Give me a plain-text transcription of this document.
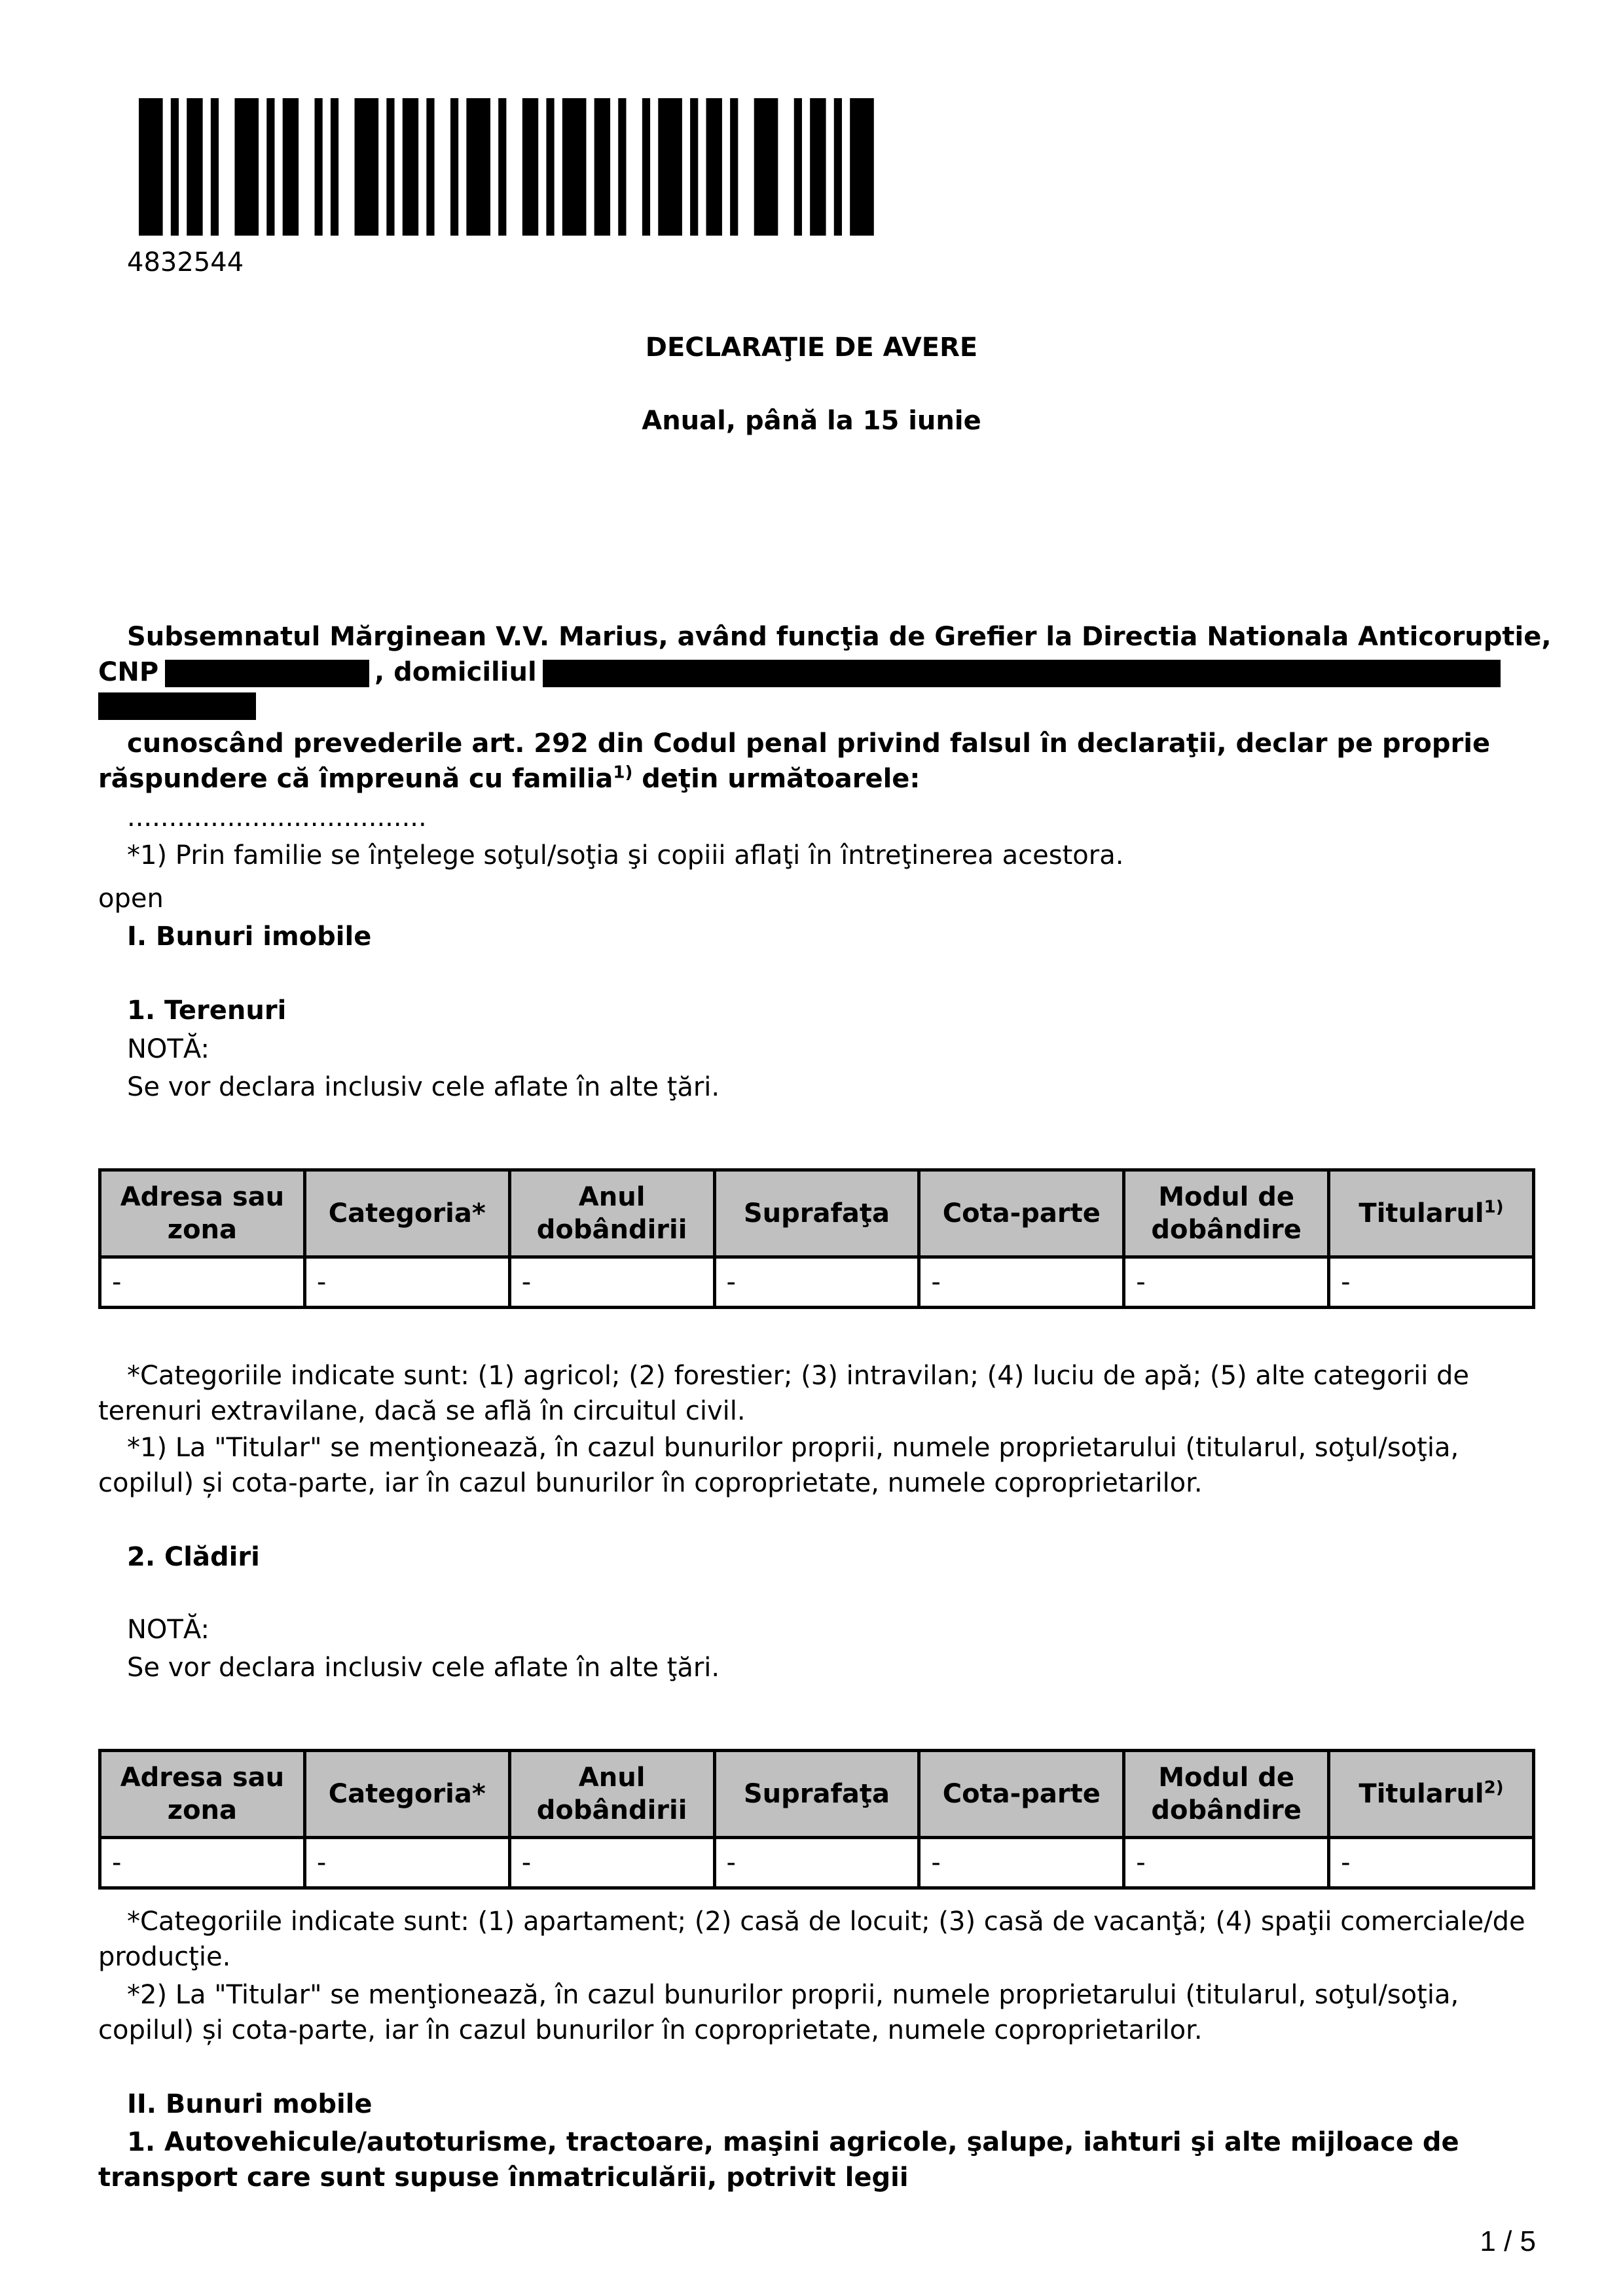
4832544
DECLARAŢIE DE AVERE
Anual, până la 15 iunie
Subsemnatul Mărginean V.V. Marius, având funcţia de Grefier la Directia Nationala Anticoruptie,
CNP	, domiciliul
cunoscând prevederile art. 292 din Codul penal privind falsul în declaraţii, declar pe proprie
răspundere că împreună cu familia$^{1)}$ deţin următoarele:
....................................
*1) Prin familie se înţelege soţul/soţia şi copiii aflaţi în întreţinerea acestora.
open
I. Bunuri imobile
1. Terenuri
NOTĂ:
Se vor declara inclusiv cele aflate în alte ţări.
Adresa sau zona	Categoria*	Anul dobândirii	Suprafaţa	Cota-parte	Modul de dobândire	Titularul$^{1)}$
-	-	-	-	-	-	-
*Categoriile indicate sunt: (1) agricol; (2) forestier; (3) intravilan; (4) luciu de apă; (5) alte categorii de
terenuri extravilane, dacă se află în circuitul civil.
*1) La "Titular" se menţionează, în cazul bunurilor proprii, numele proprietarului (titularul, soţul/soţia,
copilul) și cota-parte, iar în cazul bunurilor în coproprietate, numele coproprietarilor.
2. Clădiri
NOTĂ:
Se vor declara inclusiv cele aflate în alte ţări.
Adresa sau zona	Categoria*	Anul dobândirii	Suprafaţa	Cota-parte	Modul de dobândire	Titularul$^{2)}$
-	-	-	-	-	-	-
*Categoriile indicate sunt: (1) apartament; (2) casă de locuit; (3) casă de vacanţă; (4) spaţii comerciale/de
producţie.
*2) La "Titular" se menţionează, în cazul bunurilor proprii, numele proprietarului (titularul, soţul/soţia,
copilul) și cota-parte, iar în cazul bunurilor în coproprietate, numele coproprietarilor.
II. Bunuri mobile
1. Autovehicule/autoturisme, tractoare, maşini agricole, şalupe, iahturi şi alte mijloace de
transport care sunt supuse înmatriculării, potrivit legii
1 / 5
